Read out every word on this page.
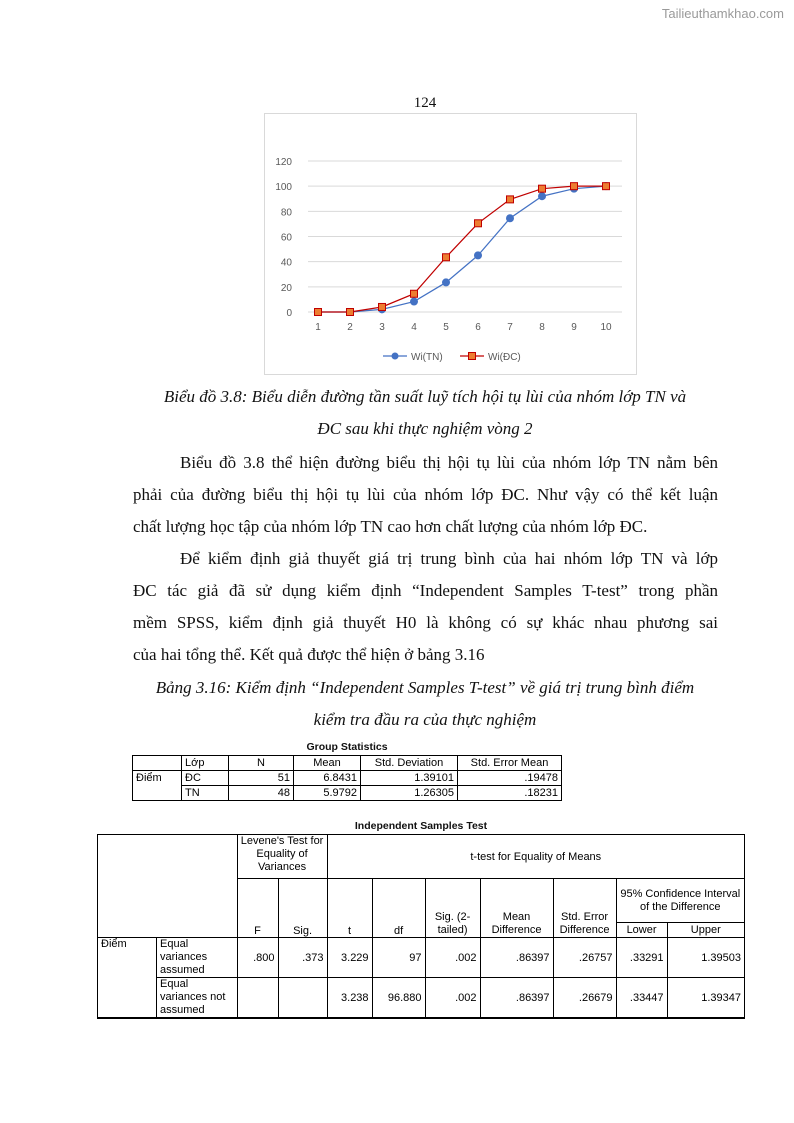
Tailieuthamkhao.com
124
0
20
40
60
80
100
120
1	2	3	4	5	6	7	8	9 10
Wi(TN)	Wi(ĐC)
Biểu đồ 3.8: Biểu diễn đường tần suất luỹ tích hội tụ lùi của nhóm lớp TN và
ĐC sau khi thực nghiệm vòng 2
Biểu đồ 3.8 thể hiện đường biểu thị hội tụ lùi của nhóm lớp TN nằm bên
phải của đường biểu thị hội tụ lùi của nhóm lớp ĐC. Như vậy có thể kết luận
chất lượng học tập của nhóm lớp TN cao hơn chất lượng của nhóm lớp ĐC.
Để kiểm định giả thuyết giá trị trung bình của hai nhóm lớp TN và lớp
ĐC tác giả đã sử dụng kiểm định “Independent Samples T-test” trong phần
mềm SPSS, kiểm định giả thuyết H0 là không có sự khác nhau phương sai
của hai tổng thể. Kết quả được thể hiện ở bảng 3.16
Bảng 3.16: Kiểm định “Independent Samples T-test” về giá trị trung bình điểm
kiểm tra đầu ra của thực nghiệm
Group Statistics
	Lớp	N	Mean	Std. Deviation	Std. Error Mean
Điểm	ĐC	51	6.8431	1.39101	.19478
	TN	48	5.9792	1.26305	.18231
Independent Samples Test
		Levene's Test for Equality of Variances		t-test for Equality of Means						
		F	Sig.	t	df	Sig. (2-tailed)	Mean Difference	Std. Error Difference	95% Confidence Interval of the Difference	
									Lower	Upper
Điểm	Equal variances assumed	.800	.373	3.229	97	.002	.86397	.26757	.33291	1.39503
	Equal variances not assumed			3.238	96.880	.002	.86397	.26679	.33447	1.39347
